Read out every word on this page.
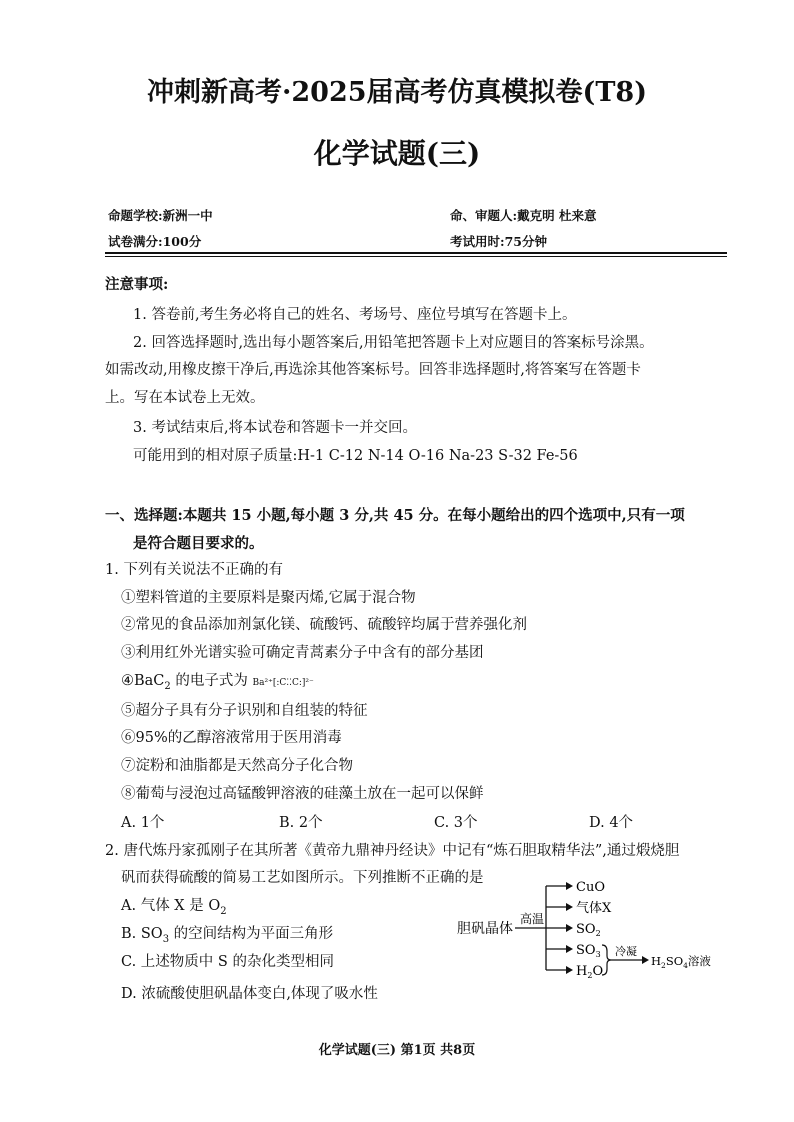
冲刺新高考·2025届高考仿真模拟卷(T8)
化学试题(三)
命题学校:新洲一中	命、审题人:戴克明 杜来意
试卷满分:100分	考试用时:75分钟
注意事项:
1. 答卷前,考生务必将自己的姓名、考场号、座位号填写在答题卡上。
2. 回答选择题时,选出每小题答案后,用铅笔把答题卡上对应题目的答案标号涂黑。
如需改动,用橡皮擦干净后,再选涂其他答案标号。回答非选择题时,将答案写在答题卡
上。写在本试卷上无效。
3. 考试结束后,将本试卷和答题卡一并交回。
可能用到的相对原子质量:H-1 C-12 N-14 O-16 Na-23 S-32 Fe-56
一、选择题:本题共 15 小题,每小题 3 分,共 45 分。在每小题给出的四个选项中,只有一项
是符合题目要求的。
1. 下列有关说法不正确的有
①塑料管道的主要原料是聚丙烯,它属于混合物
②常见的食品添加剂氯化镁、硫酸钙、硫酸锌均属于营养强化剂
③利用红外光谱实验可确定青蒿素分子中含有的部分基团
④BaC$_2$ 的电子式为 Ba²⁺[:C⁚⁚C:]²⁻
⑤超分子具有分子识别和自组装的特征
⑥95%的乙醇溶液常用于医用消毒
⑦淀粉和油脂都是天然高分子化合物
⑧葡萄与浸泡过高锰酸钾溶液的硅藻土放在一起可以保鲜
A. 1个	B. 2个	C. 3个	D. 4个
2. 唐代炼丹家孤刚子在其所著《黄帝九鼎神丹经诀》中记有“炼石胆取精华法”,通过煅烧胆
矾而获得硫酸的简易工艺如图所示。下列推断不正确的是
A. 气体 X 是 $O_2$
B. $SO_3$ 的空间结构为平面三角形
C. 上述物质中 S 的杂化类型相同
D. 浓硫酸使胆矾晶体变白,体现了吸水性
胆矾晶体
高温
CuO
气体X
$SO_2$
$SO_3$
$H_2O$
冷凝
$H_2SO_4$溶液
化学试题(三) 第1页 共8页
